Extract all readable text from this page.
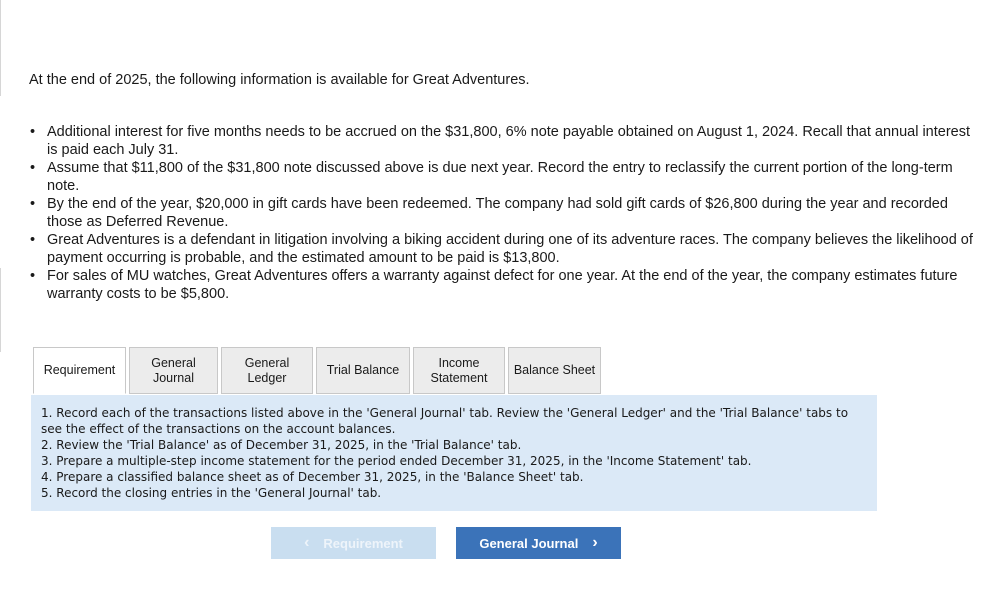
At the end of 2025, the following information is available for Great Adventures.

• Additional interest for five months needs to be accrued on the $31,800, 6% note payable obtained on August 1, 2024. Recall that annual interest is paid each July 31.
• Assume that $11,800 of the $31,800 note discussed above is due next year. Record the entry to reclassify the current portion of the long-term note.
• By the end of the year, $20,000 in gift cards have been redeemed. The company had sold gift cards of $26,800 during the year and recorded those as Deferred Revenue.
• Great Adventures is a defendant in litigation involving a biking accident during one of its adventure races. The company believes the likelihood of payment occurring is probable, and the estimated amount to be paid is $13,800.
• For sales of MU watches, Great Adventures offers a warranty against defect for one year. At the end of the year, the company estimates future warranty costs to be $5,800.
Requirement
General
Journal
General
Ledger
Trial Balance
Income
Statement
Balance Sheet

1. Record each of the transactions listed above in the 'General Journal' tab. Review the 'General Ledger' and the 'Trial Balance' tabs to see the effect of the transactions on the account balances.

2. Review the 'Trial Balance' as of December 31, 2025, in the 'Trial Balance' tab.

3. Prepare a multiple-step income statement for the period ended December 31, 2025, in the 'Income Statement' tab.

4. Prepare a classified balance sheet as of December 31, 2025, in the 'Balance Sheet' tab.

5. Record the closing entries in the 'General Journal' tab.

‹ Requirement	General Journal ›
